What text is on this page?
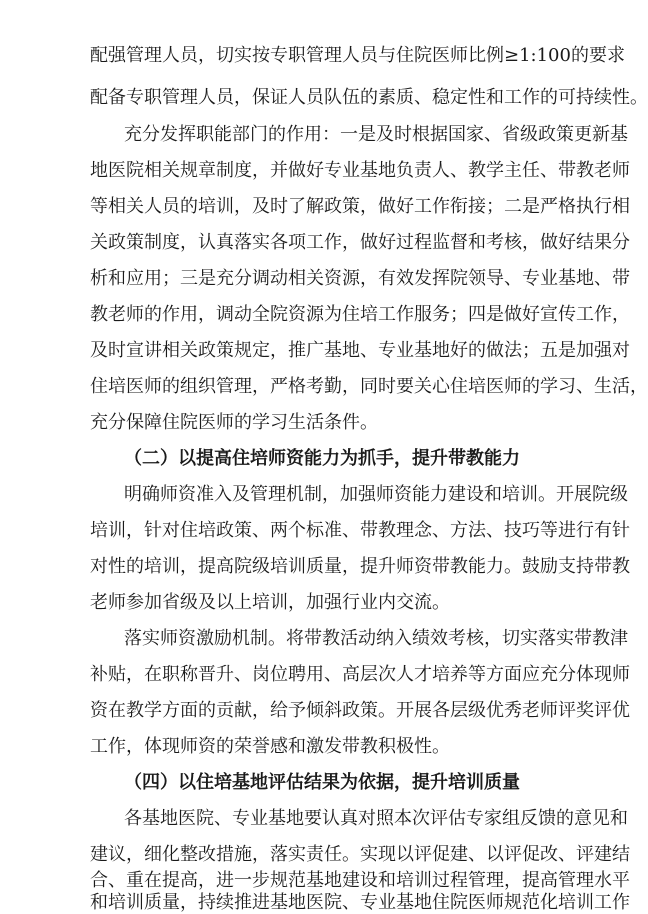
配强管理人员，切实按专职管理人员与住院医师比例≥1:100的要求
配备专职管理人员，保证人员队伍的素质、稳定性和工作的可持续性。
充分发挥职能部门的作用：一是及时根据国家、省级政策更新基
地医院相关规章制度，并做好专业基地负责人、教学主任、带教老师
等相关人员的培训，及时了解政策，做好工作衔接；二是严格执行相
关政策制度，认真落实各项工作，做好过程监督和考核，做好结果分
析和应用；三是充分调动相关资源，有效发挥院领导、专业基地、带
教老师的作用，调动全院资源为住培工作服务；四是做好宣传工作，
及时宣讲相关政策规定，推广基地、专业基地好的做法；五是加强对
住培医师的组织管理，严格考勤，同时要关心住培医师的学习、生活，
充分保障住院医师的学习生活条件。
（二）以提高住培师资能力为抓手，提升带教能力
明确师资准入及管理机制，加强师资能力建设和培训。开展院级
培训，针对住培政策、两个标准、带教理念、方法、技巧等进行有针
对性的培训，提高院级培训质量，提升师资带教能力。鼓励支持带教
老师参加省级及以上培训，加强行业内交流。
落实师资激励机制。将带教活动纳入绩效考核，切实落实带教津
补贴，在职称晋升、岗位聘用、高层次人才培养等方面应充分体现师
资在教学方面的贡献，给予倾斜政策。开展各层级优秀老师评奖评优
工作，体现师资的荣誉感和激发带教积极性。
（四）以住培基地评估结果为依据，提升培训质量
各基地医院、专业基地要认真对照本次评估专家组反馈的意见和
建议，细化整改措施，落实责任。实现以评促建、以评促改、评建结
合、重在提高，进一步规范基地建设和培训过程管理，提高管理水平
和培训质量，持续推进基地医院、专业基地住院医师规范化培训工作
